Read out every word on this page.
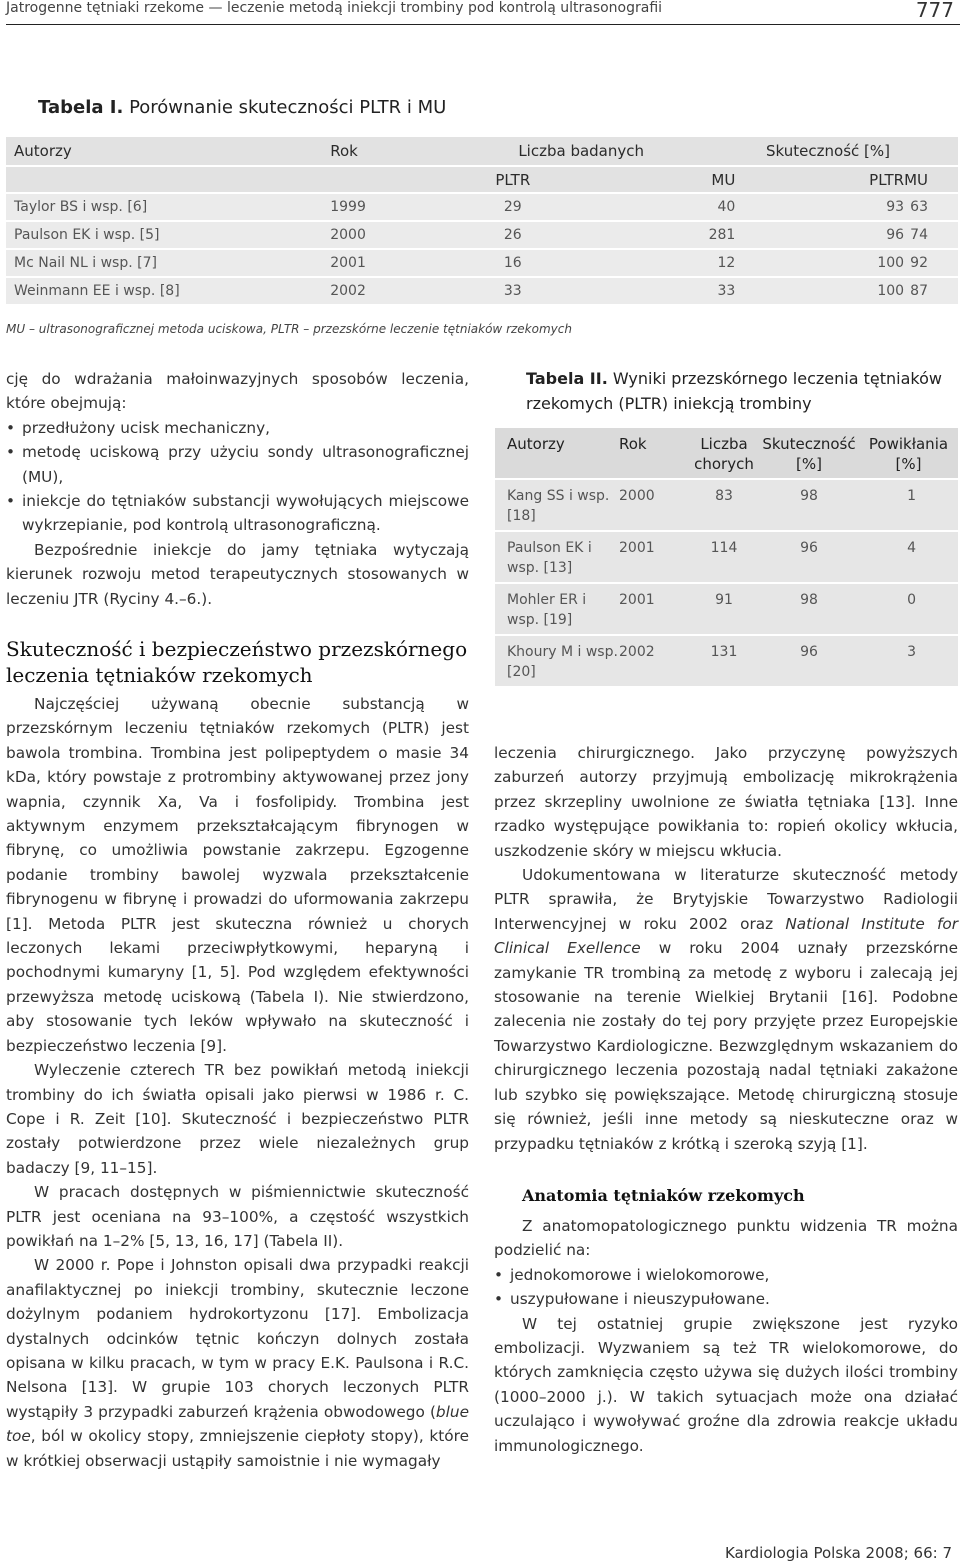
Jatrogenne tętniaki rzekome — leczenie metodą iniekcji trombiny pod kontrolą ultrasonografii	777
Tabela I. Porównanie skuteczności PLTR i MU
Autorzy	Rok	Liczba badanych		Skuteczność [%]	
		PLTR	MU	PLTR	MU
Taylor BS i wsp. [6]	1999	29	40	93	63
Paulson EK i wsp. [5]	2000	26	281	96	74
Mc Nail NL i wsp. [7]	2001	16	12	100	92
Weinmann EE i wsp. [8]	2002	33	33	100	87
MU – ultrasonograficznej metoda uciskowa, PLTR – przezskórne leczenie tętniaków rzekomych

cję do wdrażania małoinwazyjnych sposobów leczenia, które obejmują:

• przedłużony ucisk mechaniczny,
• metodę uciskową przy użyciu sondy ultrasonograficznej (MU),
• iniekcje do tętniaków substancji wywołujących miejscowe wykrzepianie, pod kontrolą ultrasonograficzną.

Bezpośrednie iniekcje do jamy tętniaka wytyczają kierunek rozwoju metod terapeutycznych stosowanych w leczeniu JTR (Ryciny 4.–6.).

Skuteczność i bezpieczeństwo przezskórnego leczenia tętniaków rzekomych

Najczęściej używaną obecnie substancją w przezskórnym leczeniu tętniaków rzekomych (PLTR) jest bawola trombina. Trombina jest polipeptydem o masie 34 kDa, który powstaje z protrombiny aktywowanej przez jony wapnia, czynnik Xa, Va i fosfolipidy. Trombina jest aktywnym enzymem przekształcającym fibrynogen w fibrynę, co umożliwia powstanie zakrzepu. Egzogenne podanie trombiny bawolej wyzwala przekształcenie fibrynogenu w fibrynę i prowadzi do uformowania zakrzepu [1]. Metoda PLTR jest skuteczna również u chorych leczonych lekami przeciwpłytkowymi, heparyną i pochodnymi kumaryny [1, 5]. Pod względem efektywności przewyższa metodę uciskową (Tabela I). Nie stwierdzono, aby stosowanie tych leków wpływało na skuteczność i bezpieczeństwo leczenia [9].

Wyleczenie czterech TR bez powikłań metodą iniekcji trombiny do ich światła opisali jako pierwsi w 1986 r. C. Cope i R. Zeit [10]. Skuteczność i bezpieczeństwo PLTR zostały potwierdzone przez wiele niezależnych grup badaczy [9, 11–15].

W pracach dostępnych w piśmiennictwie skuteczność PLTR jest oceniana na 93–100%, a częstość wszystkich powikłań na 1–2% [5, 13, 16, 17] (Tabela II).

W 2000 r. Pope i Johnston opisali dwa przypadki reakcji anafilaktycznej po iniekcji trombiny, skutecznie leczone dożylnym podaniem hydrokortyzonu [17]. Embolizacja dystalnych odcinków tętnic kończyn dolnych została opisana w kilku pracach, w tym w pracy E.K. Paulsona i R.C. Nelsona [13]. W grupie 103 chorych leczonych PLTR wystąpiły 3 przypadki zaburzeń krążenia obwodowego (blue toe, ból w okolicy stopy, zmniejszenie ciepłoty stopy), które w krótkiej obserwacji ustąpiły samoistnie i nie wymagały

Tabela II. Wyniki przezskórnego leczenia tętniaków rzekomych (PLTR) iniekcją trombiny
Autorzy	Rok	Liczba chorych	Skuteczność [%]	Powikłania [%]
Kang SS i wsp. [18]	2000	83	98	1
Paulson EK i wsp. [13]	2001	114	96	4
Mohler ER i wsp. [19]	2001	91	98	0
Khoury M i wsp. [20]	2002	131	96	3

leczenia chirurgicznego. Jako przyczynę powyższych zaburzeń autorzy przyjmują embolizację mikrokrążenia przez skrzepliny uwolnione ze światła tętniaka [13]. Inne rzadko występujące powikłania to: ropień okolicy wkłucia, uszkodzenie skóry w miejscu wkłucia.

Udokumentowana w literaturze skuteczność metody PLTR sprawiła, że Brytyjskie Towarzystwo Radiologii Interwencyjnej w roku 2002 oraz National Institute for Clinical Exellence w roku 2004 uznały przezskórne zamykanie TR trombiną za metodę z wyboru i zalecają jej stosowanie na terenie Wielkiej Brytanii [16]. Podobne zalecenia nie zostały do tej pory przyjęte przez Europejskie Towarzystwo Kardiologiczne. Bezwzględnym wskazaniem do chirurgicznego leczenia pozostają nadal tętniaki zakażone lub szybko się powiększające. Metodę chirurgiczną stosuje się również, jeśli inne metody są nieskuteczne oraz w przypadku tętniaków z krótką i szeroką szyją [1].

Anatomia tętniaków rzekomych

Z anatomopatologicznego punktu widzenia TR można podzielić na:

• jednokomorowe i wielokomorowe,
• uszypułowane i nieuszypułowane.

W tej ostatniej grupie zwiększone jest ryzyko embolizacji. Wyzwaniem są też TR wielokomorowe, do których zamknięcia często używa się dużych ilości trombiny (1000–2000 j.). W takich sytuacjach może ona działać uczulająco i wywoływać groźne dla zdrowia reakcje układu immunologicznego.

Kardiologia Polska 2008; 66: 7
